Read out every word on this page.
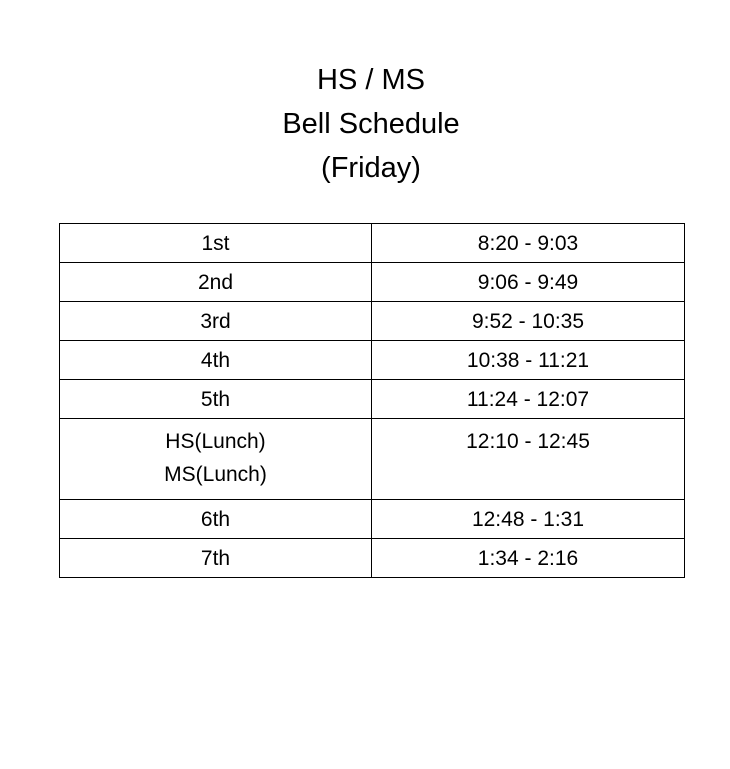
HS / MS
Bell Schedule
(Friday)
1st	8:20 - 9:03

2nd	9:06 - 9:49

3rd	9:52 - 10:35

4th	10:38 - 11:21

5th	11:24 - 12:07

HS(Lunch)
MS(Lunch)	12:10 - 12:45

6th	12:48 - 1:31

7th	1:34 - 2:16
